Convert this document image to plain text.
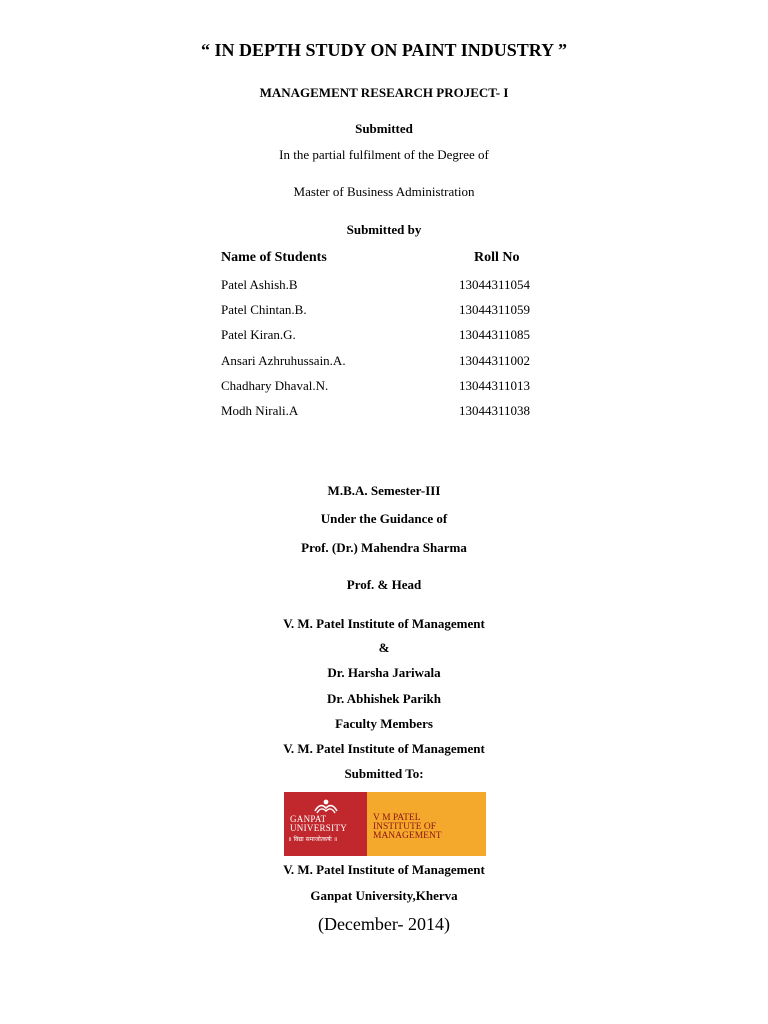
“ IN DEPTH STUDY ON PAINT INDUSTRY ”
MANAGEMENT RESEARCH PROJECT- I
Submitted
In the partial fulfilment of the Degree of
Master of Business Administration
Submitted by
Name of Students	Roll No
Patel Ashish.B	13044311054
Patel Chintan.B.	13044311059
Patel Kiran.G.	13044311085
Ansari Azhruhussain.A.	13044311002
Chadhary Dhaval.N.	13044311013
Modh Nirali.A	13044311038
M.B.A. Semester-III
Under the Guidance of
Prof. (Dr.) Mahendra Sharma
Prof. & Head
V. M. Patel Institute of Management
&
Dr. Harsha Jariwala
Dr. Abhishek Parikh
Faculty Members
V. M. Patel Institute of Management
Submitted To:
GANPAT
UNIVERSITY
॥ विद्या समाजोत्कर्षः ॥
V M PATEL
INSTITUTE OF
MANAGEMENT
V. M. Patel Institute of Management
Ganpat University,Kherva
(December- 2014)
